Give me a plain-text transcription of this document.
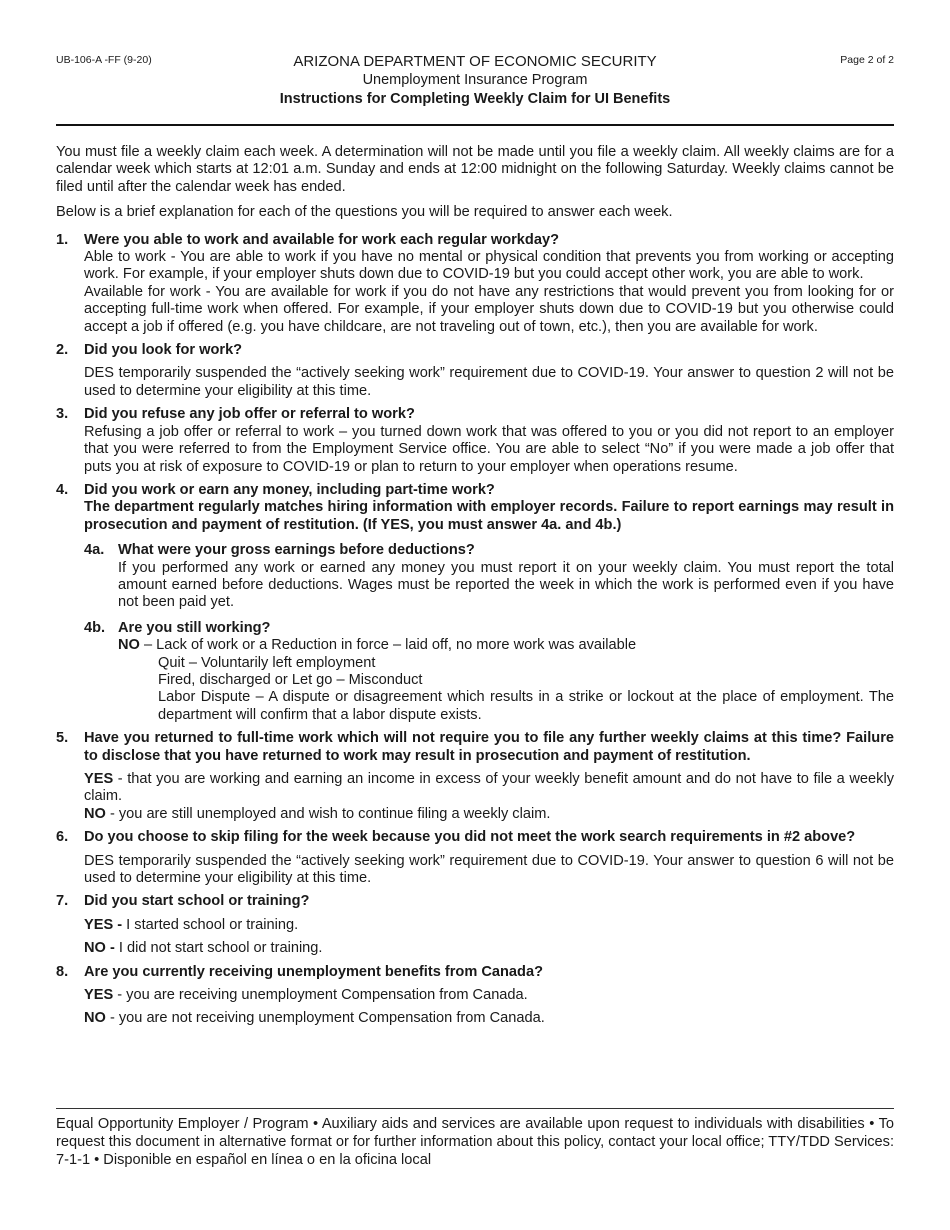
UB-106-A -FF (9-20)	Page 2 of 2
ARIZONA DEPARTMENT OF ECONOMIC SECURITY
Unemployment Insurance Program
Instructions for Completing Weekly Claim for UI Benefits

You must file a weekly claim each week. A determination will not be made until you file a weekly claim. All weekly claims are for a calendar week which starts at 12:01 a.m. Sunday and ends at 12:00 midnight on the following Saturday. Weekly claims cannot be filed until after the calendar week has ended.

Below is a brief explanation for each of the questions you will be required to answer each week.

1. Were you able to work and available for work each regular workday?

Able to work - You are able to work if you have no mental or physical condition that prevents you from working or accepting work. For example, if your employer shuts down due to COVID-19 but you could accept other work, you are able to work.

Available for work - You are available for work if you do not have any restrictions that would prevent you from looking for or accepting full-time work when offered. For example, if your employer shuts down due to COVID-19 but you otherwise could accept a job if offered (e.g. you have childcare, are not traveling out of town, etc.), then you are available for work.

2. Did you look for work?

DES temporarily suspended the “actively seeking work” requirement due to COVID-19. Your answer to question 2 will not be used to determine your eligibility at this time.

3. Did you refuse any job offer or referral to work?

Refusing a job offer or referral to work – you turned down work that was offered to you or you did not report to an employer that you were referred to from the Employment Service office. You are able to select “No” if you were made a job offer that puts you at risk of exposure to COVID-19 or plan to return to your employer when operations resume.

4. Did you work or earn any money, including part-time work?

The department regularly matches hiring information with employer records. Failure to report earnings may result in prosecution and payment of restitution. (If YES, you must answer 4a. and 4b.)

4a. What were your gross earnings before deductions?

If you performed any work or earned any money you must report it on your weekly claim. You must report the total amount earned before deductions. Wages must be reported the week in which the work is performed even if you have not been paid yet.

4b. Are you still working?

NO – Lack of work or a Reduction in force – laid off, no more work was available

Quit – Voluntarily left employment

Fired, discharged or Let go – Misconduct

Labor Dispute – A dispute or disagreement which results in a strike or lockout at the place of employment. The department will confirm that a labor dispute exists.

5. Have you returned to full-time work which will not require you to file any further weekly claims at this time? Failure to disclose that you have returned to work may result in prosecution and payment of restitution.

YES - that you are working and earning an income in excess of your weekly benefit amount and do not have to file a weekly claim.

NO - you are still unemployed and wish to continue filing a weekly claim.

6. Do you choose to skip filing for the week because you did not meet the work search requirements in #2 above?

DES temporarily suspended the “actively seeking work” requirement due to COVID-19. Your answer to question 6 will not be used to determine your eligibility at this time.

7. Did you start school or training?

YES - I started school or training.

NO - I did not start school or training.

8. Are you currently receiving unemployment benefits from Canada?

YES - you are receiving unemployment Compensation from Canada.

NO - you are not receiving unemployment Compensation from Canada.

Equal Opportunity Employer / Program • Auxiliary aids and services are available upon request to individuals with disabilities • To request this document in alternative format or for further information about this policy, contact your local office; TTY/TDD Services: 7-1-1 • Disponible en español en línea o en la oficina local
